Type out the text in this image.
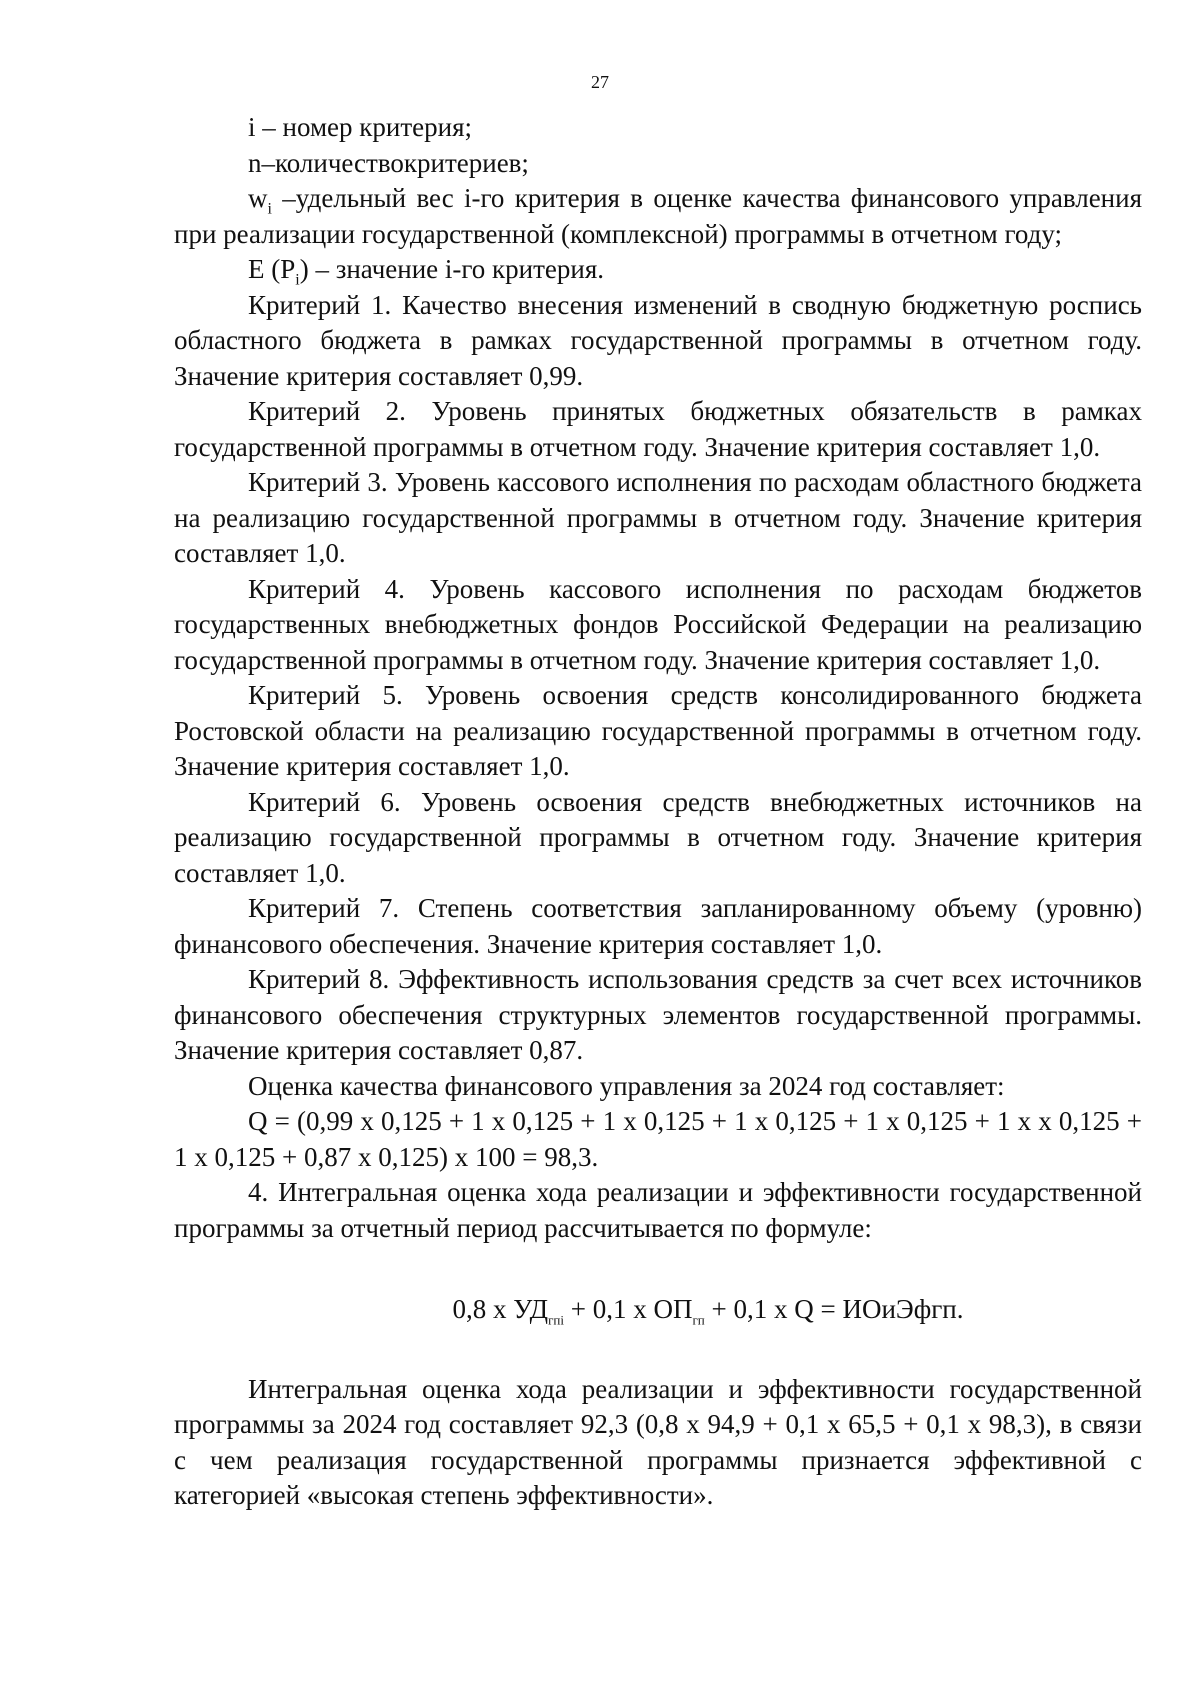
27

i – номер критерия;

n–количествокритериев;

$w_i$ –удельный вес i-го критерия в оценке качества финансового управления при реализации государственной (комплексной) программы в отчетном году;

Е $(P_i)$ – значение i-го критерия.

Критерий 1. Качество внесения изменений в сводную бюджетную роспись областного бюджета в рамках государственной программы в отчетном году. Значение критерия составляет 0,99.

Критерий 2. Уровень принятых бюджетных обязательств в рамках государственной программы в отчетном году. Значение критерия составляет 1,0.

Критерий 3. Уровень кассового исполнения по расходам областного бюджета на реализацию государственной программы в отчетном году. Значение критерия составляет 1,0.

Критерий 4. Уровень кассового исполнения по расходам бюджетов государственных внебюджетных фондов Российской Федерации на реализацию государственной программы в отчетном году. Значение критерия составляет 1,0.

Критерий 5. Уровень освоения средств консолидированного бюджета Ростовской области на реализацию государственной программы в отчетном году. Значение критерия составляет 1,0.

Критерий 6. Уровень освоения средств внебюджетных источников на реализацию государственной программы в отчетном году. Значение критерия составляет 1,0.

Критерий 7. Степень соответствия запланированному объему (уровню) финансового обеспечения. Значение критерия составляет 1,0.

Критерий 8. Эффективность использования средств за счет всех источников финансового обеспечения структурных элементов государственной программы. Значение критерия составляет 0,87.

Оценка качества финансового управления за 2024 год составляет:

Q = (0,99 x 0,125 + 1 x 0,125 + 1 x 0,125 + 1 x 0,125 + 1 x 0,125 + 1 x x 0,125 + 1 x 0,125 + 0,87 x 0,125) x 100 = 98,3.

4. Интегральная оценка хода реализации и эффективности государственной программы за отчетный период рассчитывается по формуле:

0,8 x $УД_{гпi} + 0,1$ x $ОП_{гп} + 0,1$ x Q = ИОиЭфгп.

Интегральная оценка хода реализации и эффективности государственной программы за 2024 год составляет 92,3 (0,8 x 94,9 + 0,1 x 65,5 + 0,1 x 98,3), в связи с чем реализация государственной программы признается эффективной с категорией «высокая степень эффективности».
